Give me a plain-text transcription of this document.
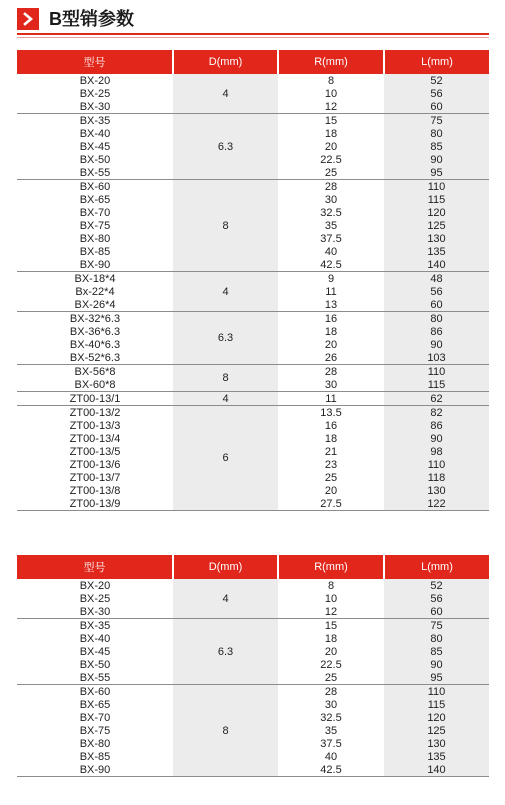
B型销参数
型号	D(mm)	R(mm)	L(mm)
BX-20	4	8	52
BX-25		10	56
BX-30		12	60
BX-35	6.3	15	75
BX-40		18	80
BX-45		20	85
BX-50		22.5	90
BX-55		25	95
BX-60	8	28	110
BX-65		30	115
BX-70		32.5	120
BX-75		35	125
BX-80		37.5	130
BX-85		40	135
BX-90		42.5	140
BX-18*4	4	9	48
Bx-22*4		11	56
BX-26*4		13	60
BX-32*6.3	6.3	16	80
BX-36*6.3		18	86
BX-40*6.3		20	90
BX-52*6.3		26	103
BX-56*8	8	28	110
BX-60*8		30	115
ZT00-13/1	4	11	62
ZT00-13/2	6	13.5	82
ZT00-13/3		16	86
ZT00-13/4		18	90
ZT00-13/5		21	98
ZT00-13/6		23	110
ZT00-13/7		25	118
ZT00-13/8		20	130
ZT00-13/9		27.5	122
型号	D(mm)	R(mm)	L(mm)
BX-20	4	8	52
BX-25		10	56
BX-30		12	60
BX-35	6.3	15	75
BX-40		18	80
BX-45		20	85
BX-50		22.5	90
BX-55		25	95
BX-60	8	28	110
BX-65		30	115
BX-70		32.5	120
BX-75		35	125
BX-80		37.5	130
BX-85		40	135
BX-90		42.5	140
